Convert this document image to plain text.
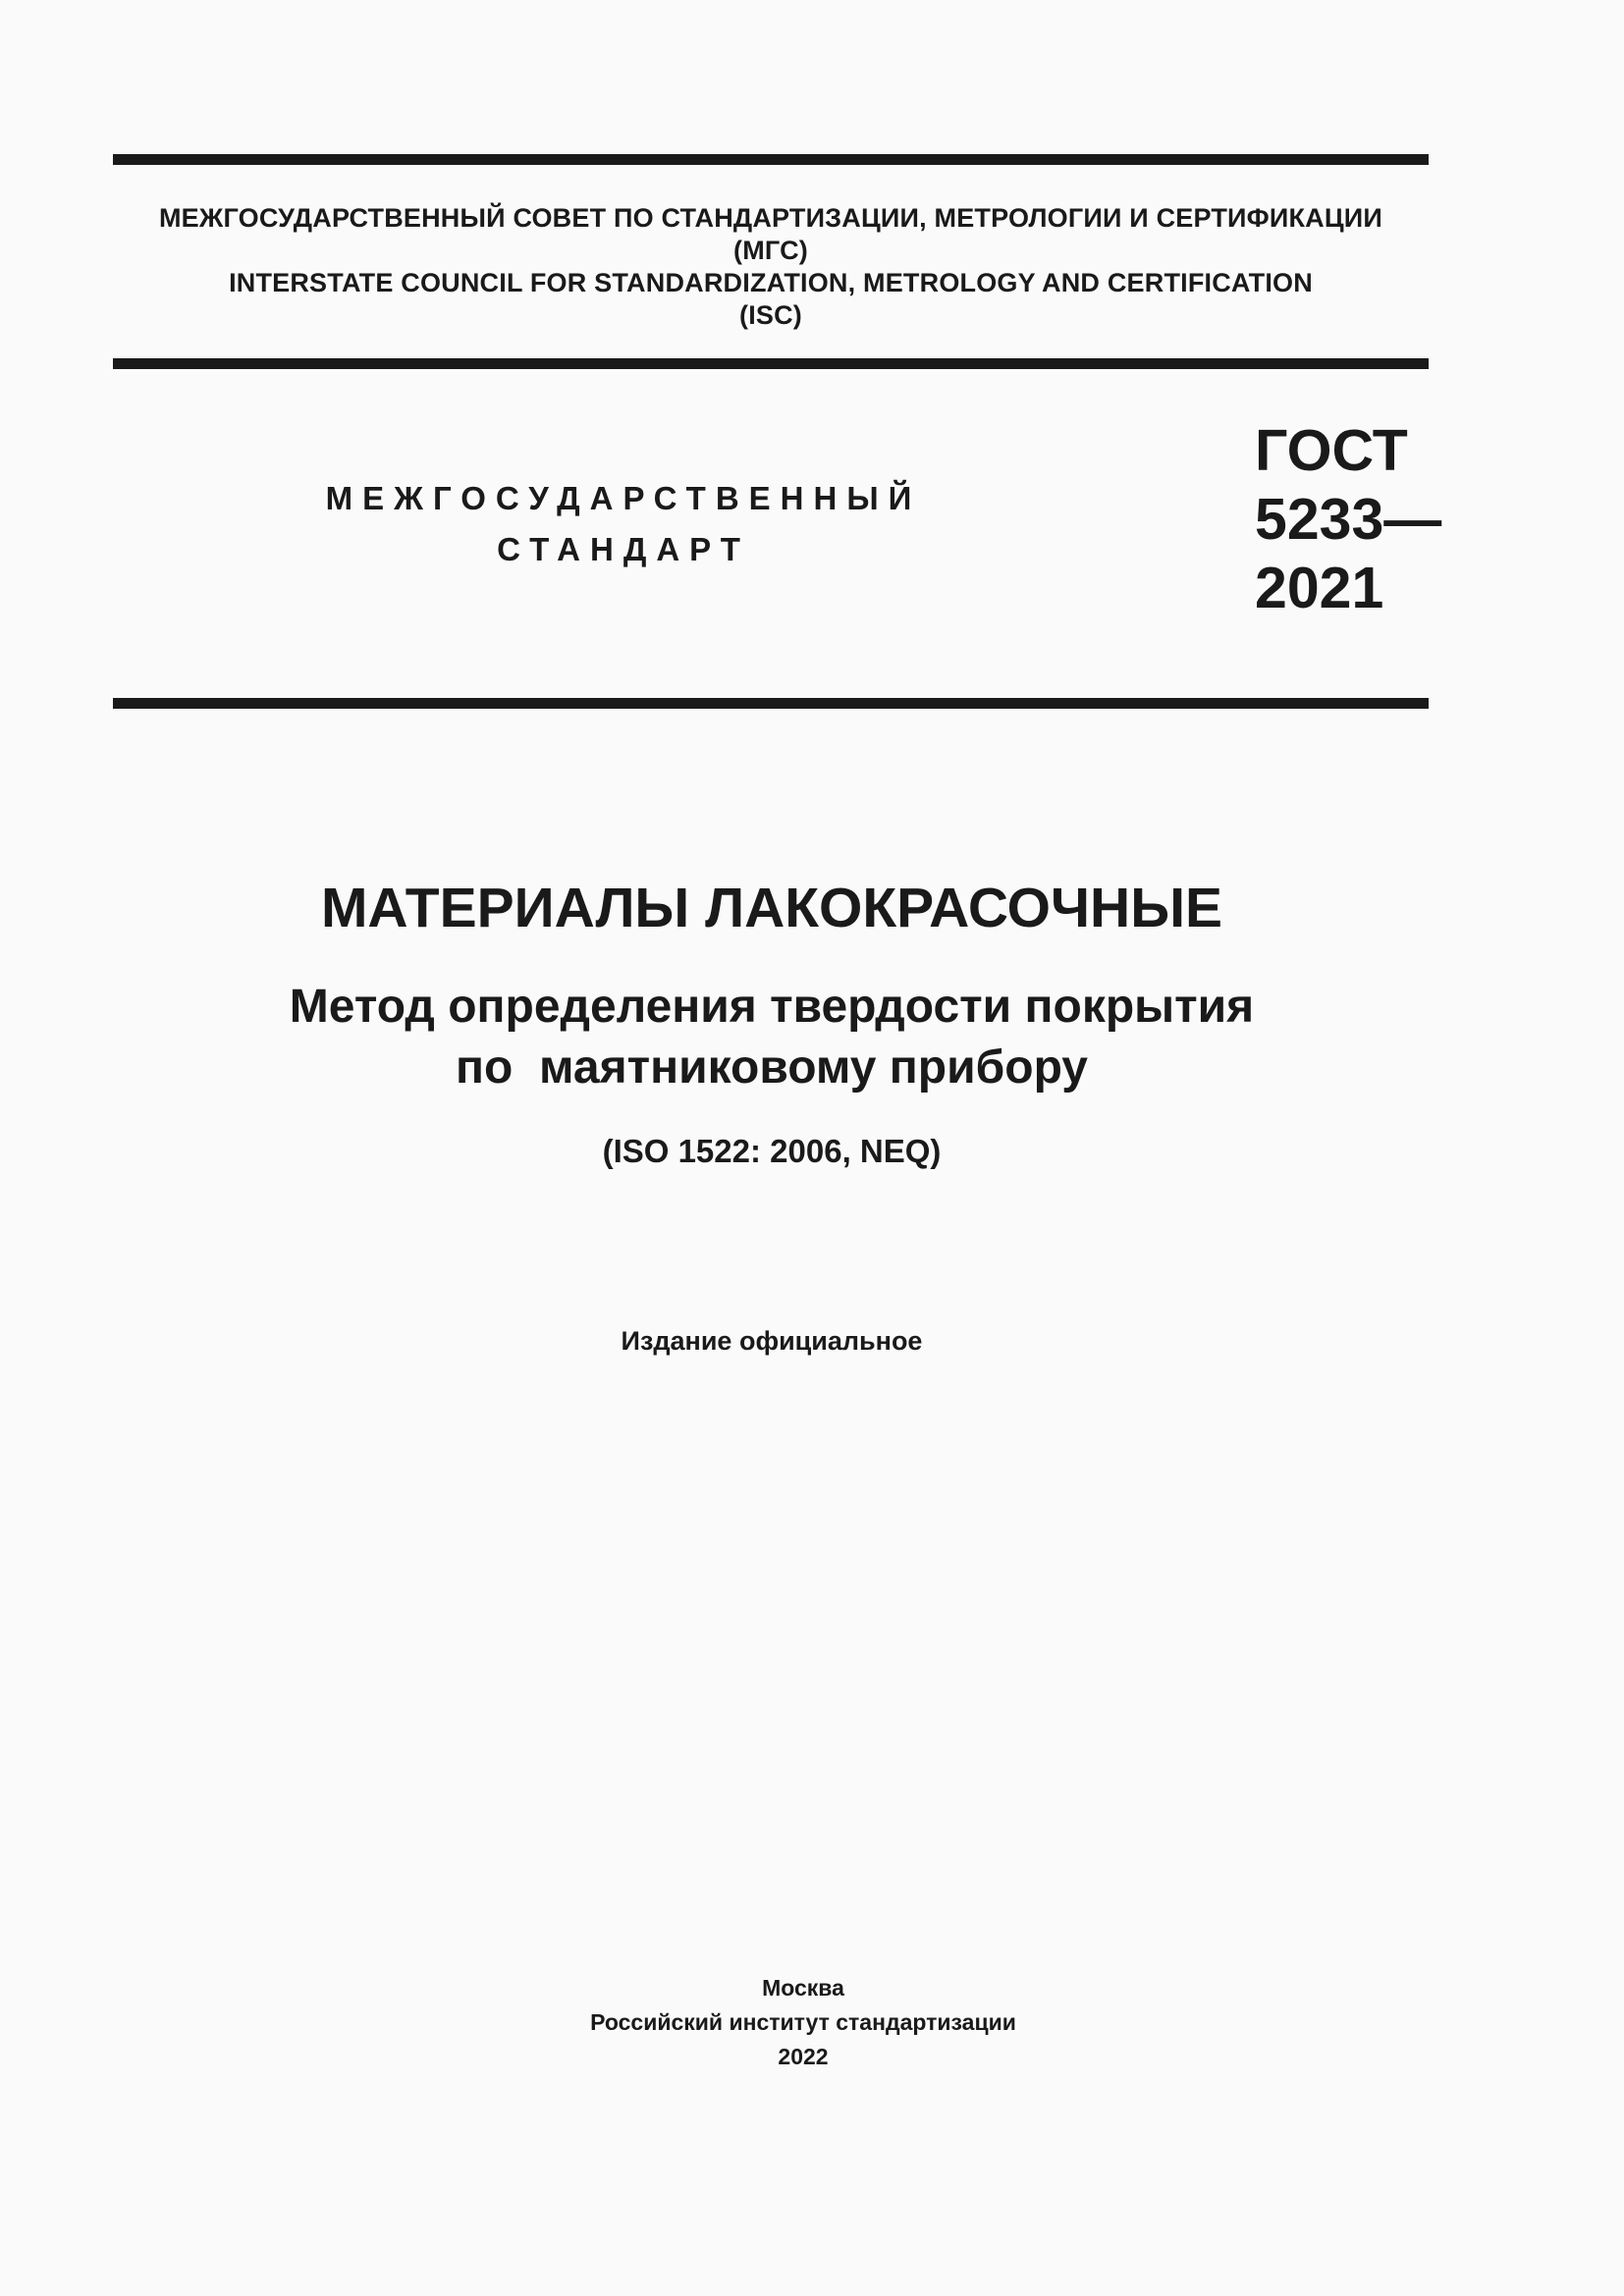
МЕЖГОСУДАРСТВЕННЫЙ СОВЕТ ПО СТАНДАРТИЗАЦИИ, МЕТРОЛОГИИ И СЕРТИФИКАЦИИ
(МГС)
INTERSTATE COUNCIL FOR STANDARDIZATION, METROLOGY AND CERTIFICATION
(ISC)
МЕЖГОСУДАРСТВЕННЫЙ
СТАНДАРТ
ГОСТ
5233—
2021
МАТЕРИАЛЫ ЛАКОКРАСОЧНЫЕ
Метод определения твердости покрытия
по  маятниковому прибору
(ISO 1522: 2006, NEQ)
Издание официальное
Москва
Российский институт стандартизации
2022
